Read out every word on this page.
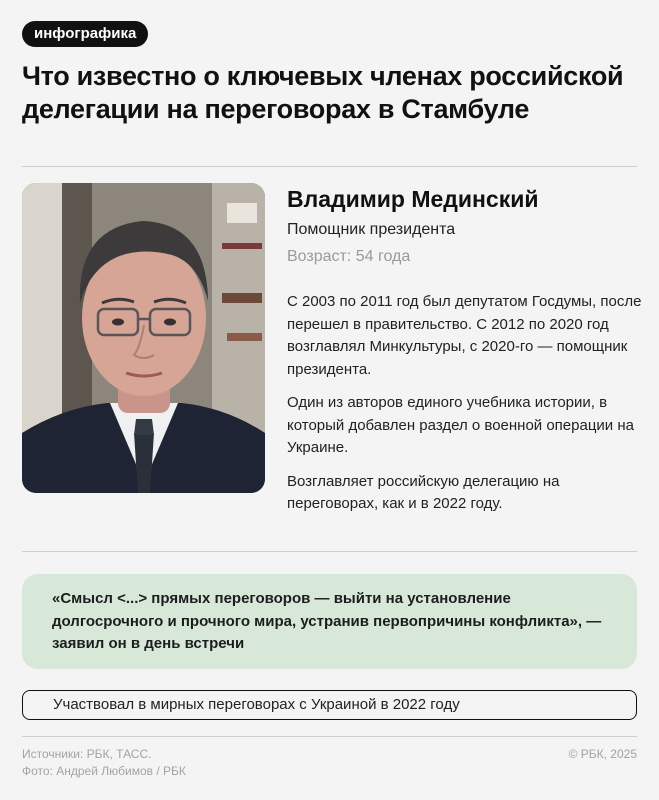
инфографика
Что известно о ключевых членах российской делегации на переговорах в Стамбуле
Владимир Мединский
Помощник президента
Возраст: 54 года

С 2003 по 2011 год был депутатом Госдумы, после перешел в правительство. С 2012 по 2020 год возглавлял Минкультуры, с 2020-го — помощник президента.

Один из авторов единого учебника истории, в который добавлен раздел о военной операции на Украине.

Возглавляет российскую делегацию на переговорах, как и в 2022 году.

«Смысл <...> прямых переговоров — выйти на установление долгосрочного и прочного мира, устранив первопричины конфликта», — заявил он в день встречи

Участвовал в мирных переговорах с Украиной в 2022 году
Источники: РБК, ТАСС.
Фото: Андрей Любимов / РБК
© РБК, 2025
